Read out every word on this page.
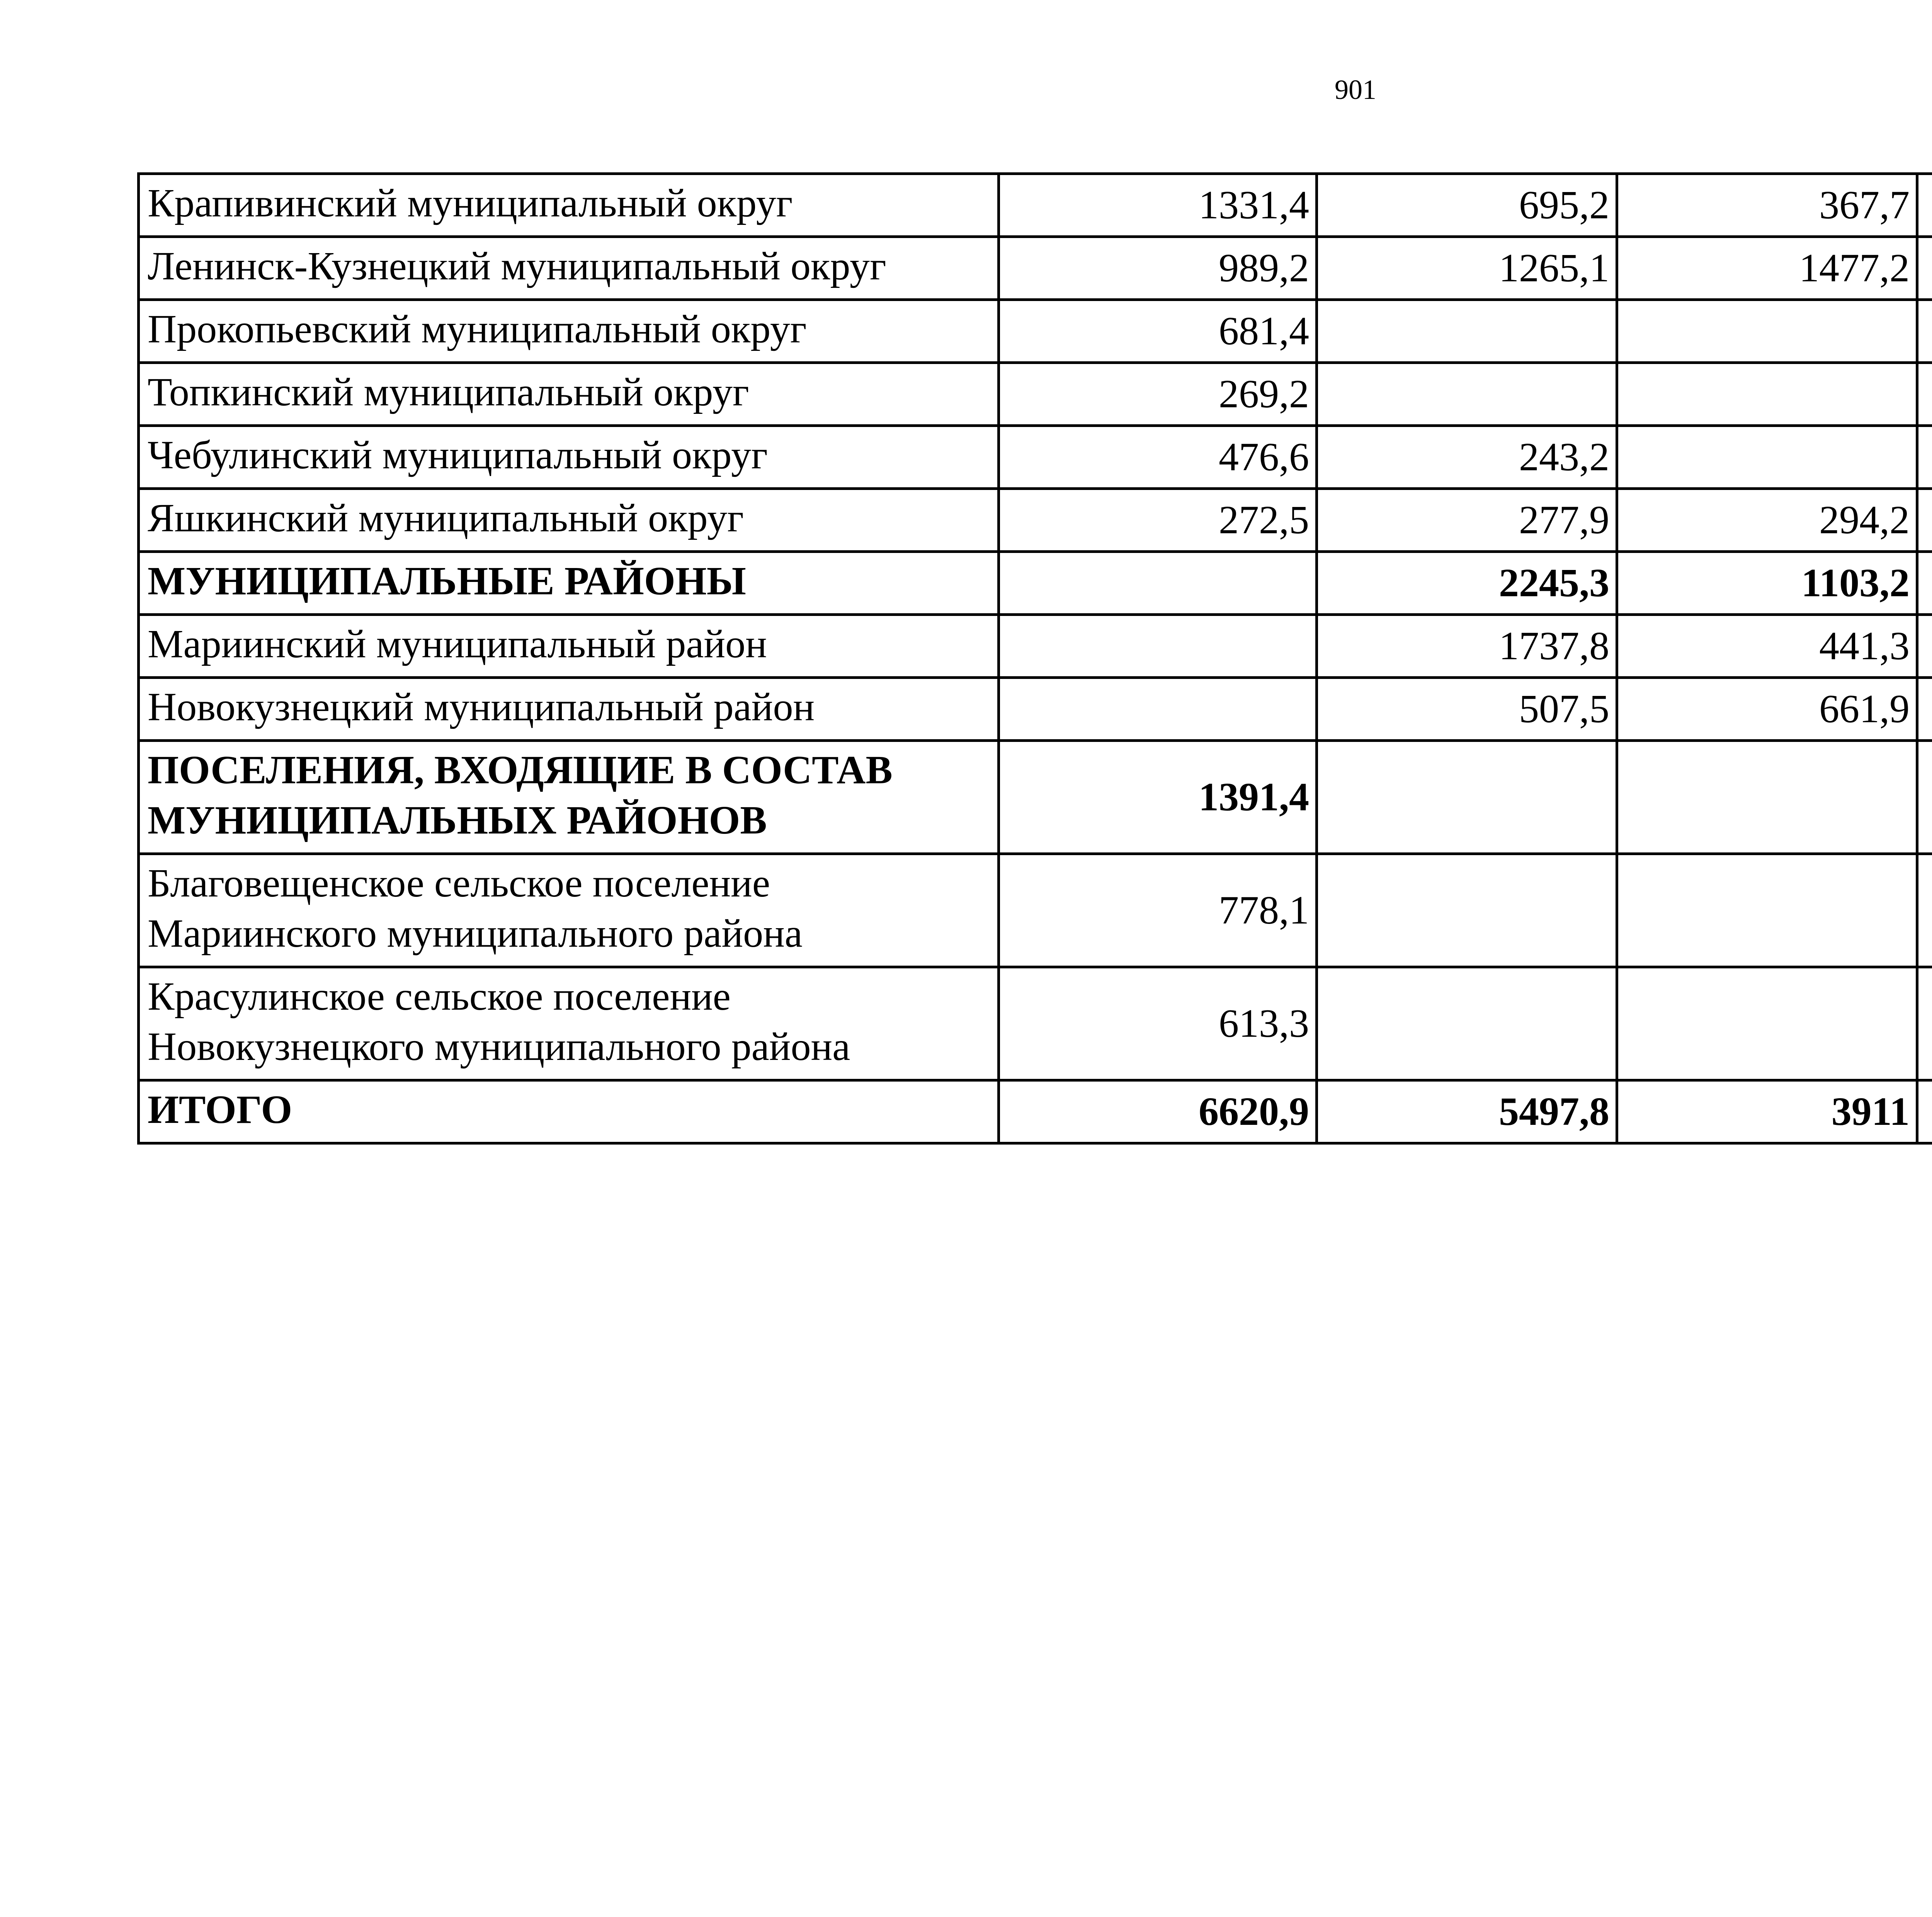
901
Крапивинский муниципальный округ	1331,4	695,2	367,7	

Ленинск-Кузнецкий муниципальный округ	989,2	1265,1	1477,2	

Прокопьевский муниципальный округ	681,4			

Топкинский муниципальный округ	269,2			

Чебулинский муниципальный округ	476,6	243,2		

Яшкинский муниципальный округ	272,5	277,9	294,2	

МУНИЦИПАЛЬНЫЕ РАЙОНЫ		2245,3	1103,2	

Мариинский муниципальный район		1737,8	441,3	

Новокузнецкий муниципальный район		507,5	661,9	

ПОСЕЛЕНИЯ, ВХОДЯЩИЕ В СОСТАВ
МУНИЦИПАЛЬНЫХ РАЙОНОВ	1391,4			

Благовещенское сельское поселение
Мариинского муниципального района	778,1			

Красулинское сельское поселение
Новокузнецкого муниципального района	613,3			

ИТОГО	6620,9	5497,8	3911	
